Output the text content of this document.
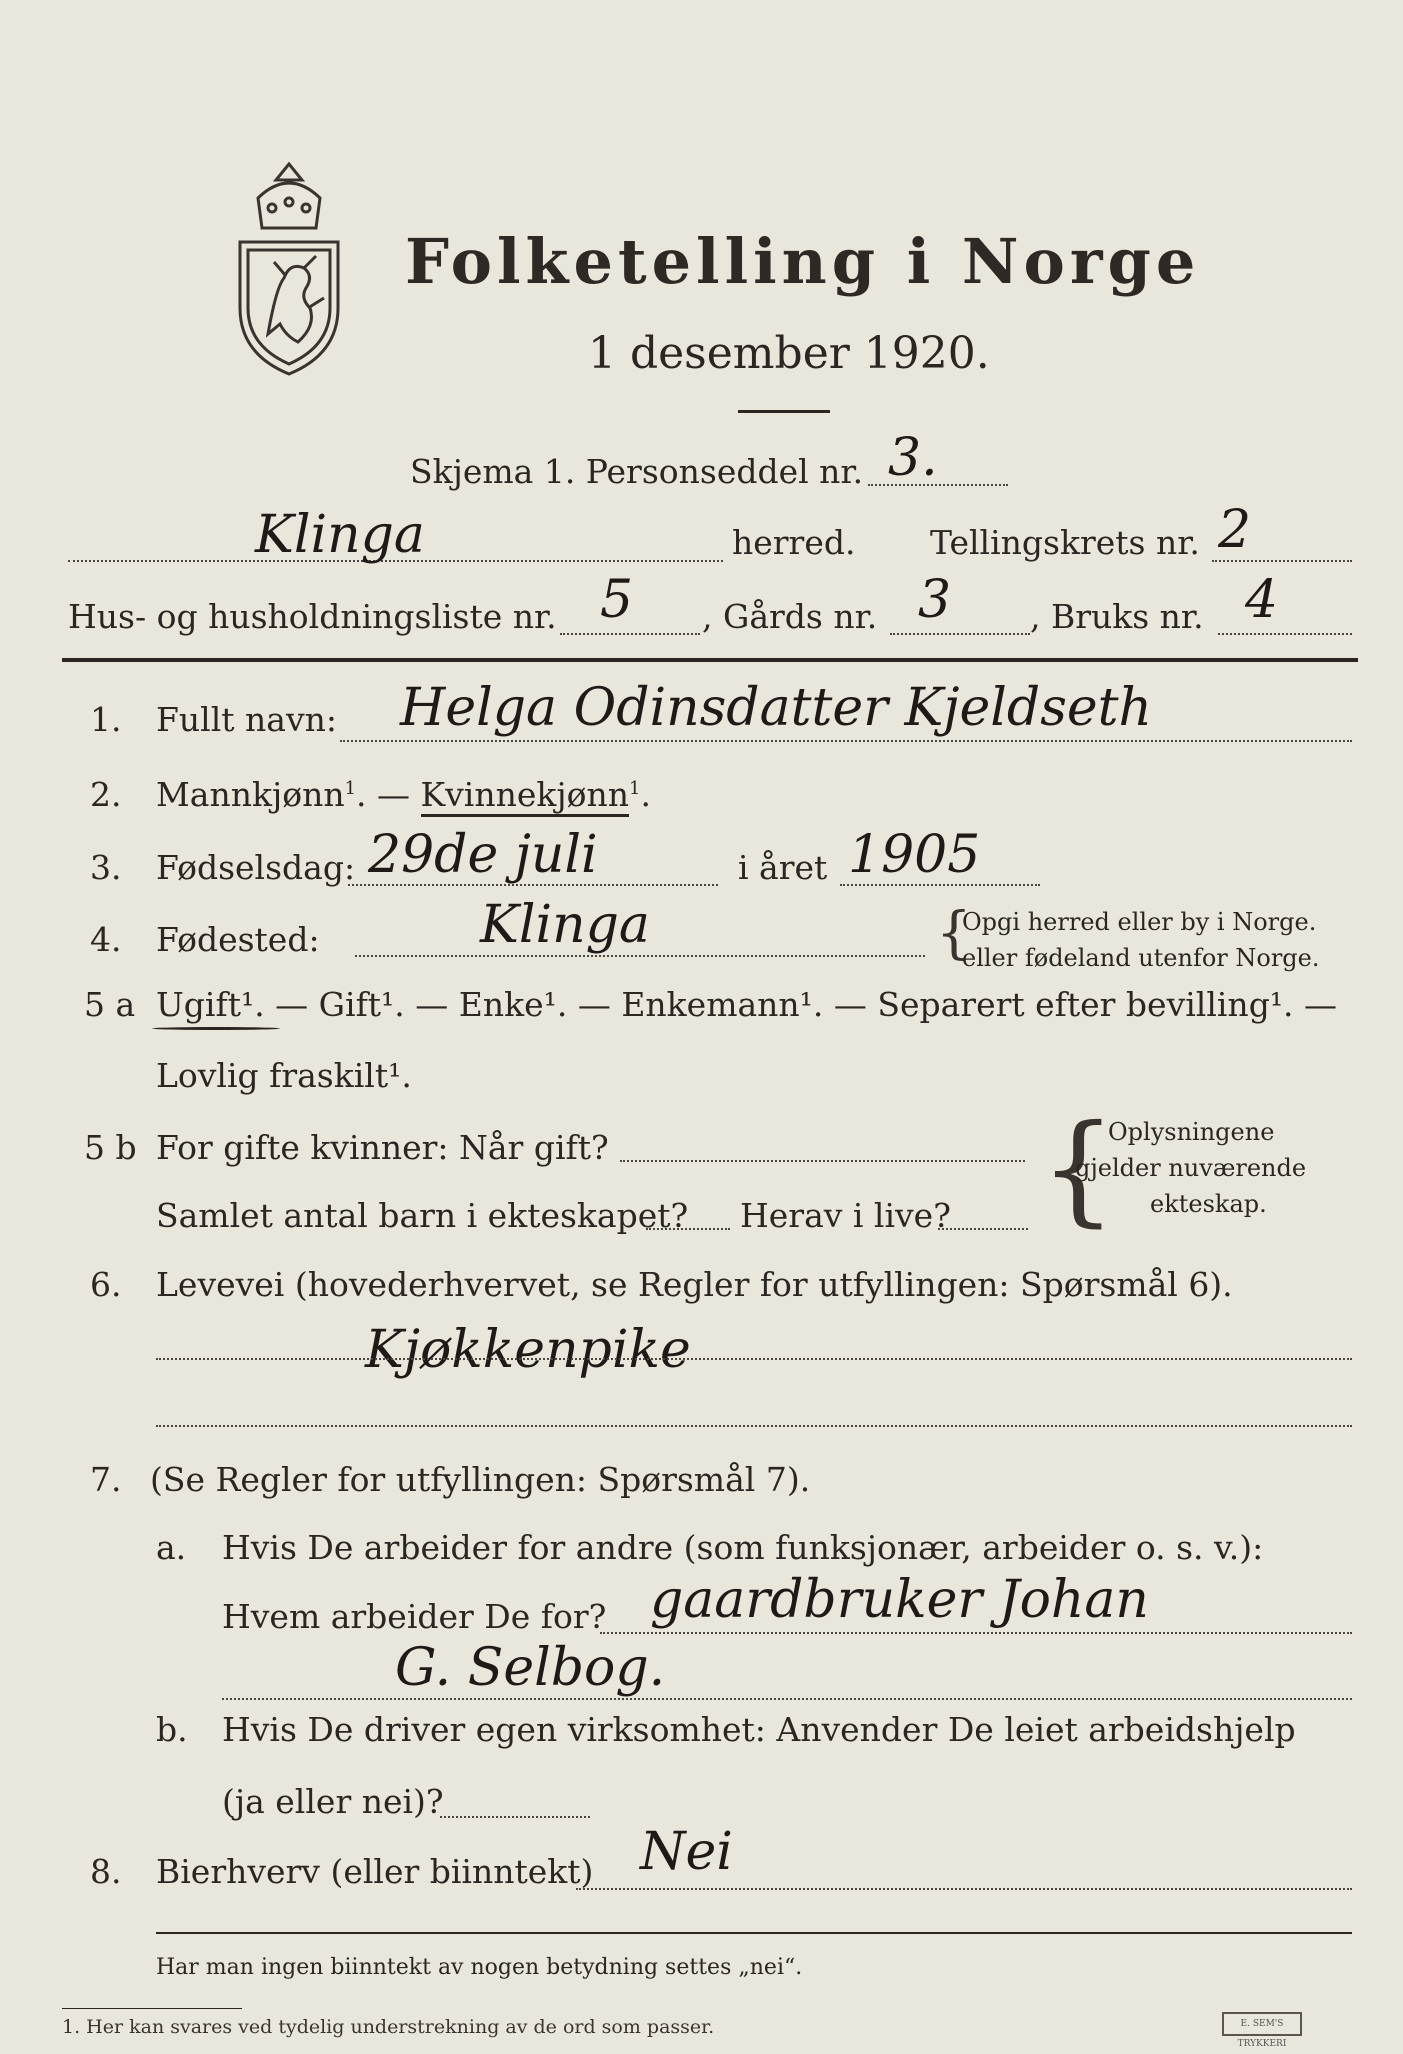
Folketelling i Norge
1 desember 1920.
Skjema 1. Personseddel nr. 3.
Klinga	herred. Tellingskrets nr. 2
Hus- og husholdningsliste nr. 5 , Gårds nr. 3 , Bruks nr. 4
1. Fullt navn: Helga Odinsdatter Kjeldseth
2. Mannkjønn$^1$. — Kvinnekjønn$^1$.
3. Fødselsdag: 29de juli	i året 1905
4. Fødested:	Klinga	{
Opgi herred eller by i Norge.
eller fødeland utenfor Norge.
5 a Ugift¹. — Gift¹. — Enke¹. — Enkemann¹. — Separert efter bevilling¹. —
Lovlig fraskilt¹.
5 b For gifte kvinner: Når gift?
Samlet antal barn i ekteskapet? Herav i live? {
Oplysningene
gjelder nuværende
ekteskap.
6. Levevei (hovederhvervet, se Regler for utfyllingen: Spørsmål 6).
Kjøkkenpike
7. (Se Regler for utfyllingen: Spørsmål 7).
a. Hvis De arbeider for andre (som funksjonær, arbeider o. s. v.):
Hvem arbeider De for? gaardbruker Johan
G. Selbog.
b. Hvis De driver egen virksomhet: Anvender De leiet arbeidshjelp
(ja eller nei)?
8. Bierhverv (eller biinntekt) Nei
Har man ingen biinntekt av nogen betydning settes „nei“.
1. Her kan svares ved tydelig understrekning av de ord som passer.	E. SEM'S TRYKKERI
